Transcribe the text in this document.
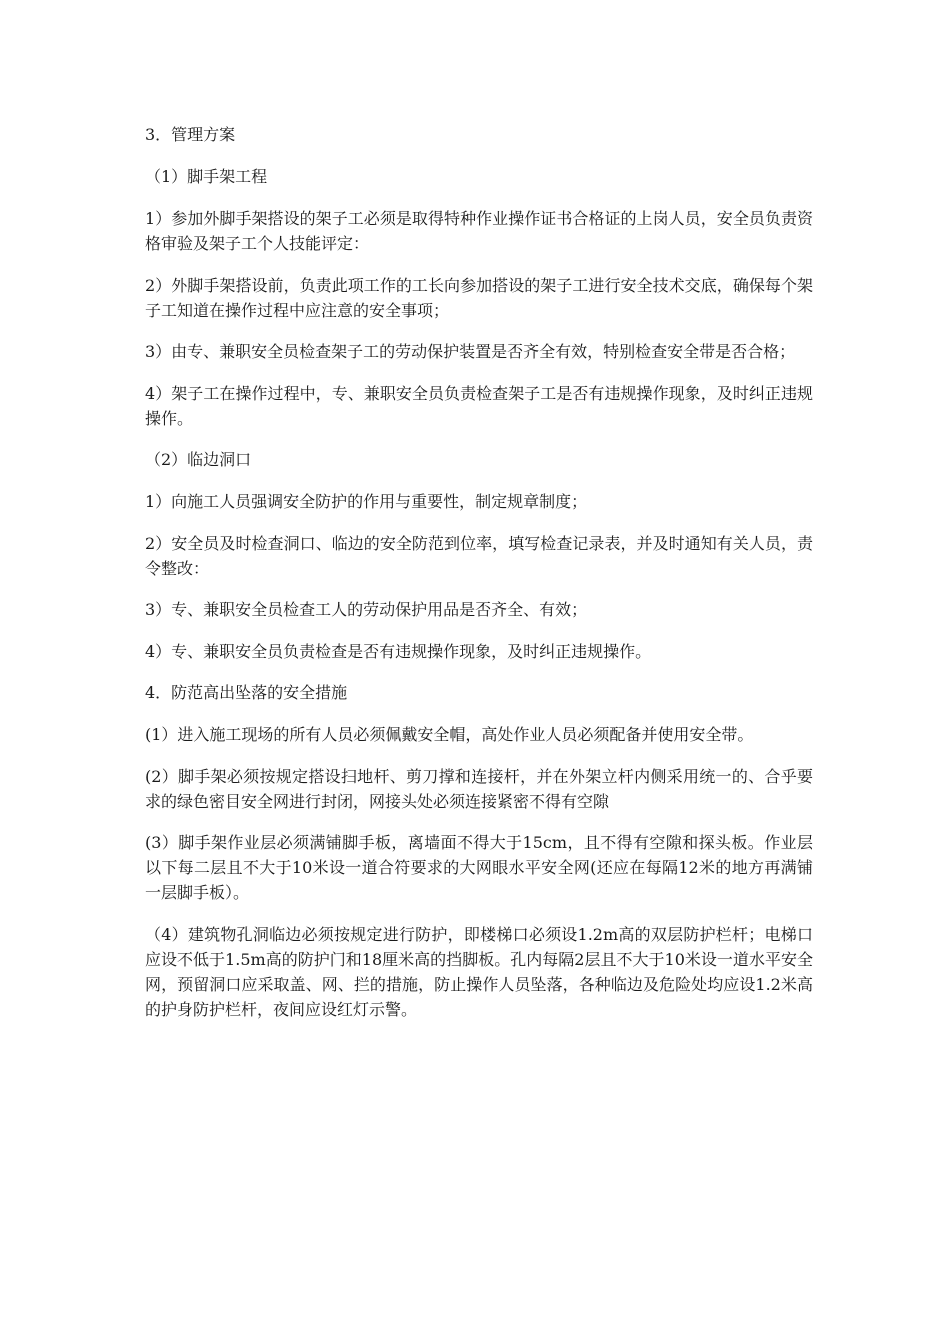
3．管理方案

（1）脚手架工程

1）参加外脚手架搭设的架子工必须是取得特种作业操作证书合格证的上岗人员，安全员负责资格审验及架子工个人技能评定：

2）外脚手架搭设前，负责此项工作的工长向参加搭设的架子工进行安全技术交底，确保每个架子工知道在操作过程中应注意的安全事项；

3）由专、兼职安全员检查架子工的劳动保护装置是否齐全有效，特别检查安全带是否合格；

4）架子工在操作过程中，专、兼职安全员负责检查架子工是否有违规操作现象，及时纠正违规操作。

（2）临边洞口

1）向施工人员强调安全防护的作用与重要性，制定规章制度；

2）安全员及时检查洞口、临边的安全防范到位率，填写检查记录表，并及时通知有关人员，责令整改：

3）专、兼职安全员检查工人的劳动保护用品是否齐全、有效；

4）专、兼职安全员负责检查是否有违规操作现象，及时纠正违规操作。

4．防范高出坠落的安全措施

(1）进入施工现场的所有人员必须佩戴安全帽，高处作业人员必须配备并使用安全带。

(2）脚手架必须按规定搭设扫地杆、剪刀撑和连接杆，并在外架立杆内侧采用统一的、合乎要求的绿色密目安全网进行封闭，网接头处必须连接紧密不得有空隙

(3）脚手架作业层必须满铺脚手板，离墙面不得大于15cm，且不得有空隙和探头板。作业层以下每二层且不大于10米设一道合符要求的大网眼水平安全网(还应在每隔12米的地方再满铺一层脚手板）。

（4）建筑物孔洞临边必须按规定进行防护，即楼梯口必须设1.2m高的双层防护栏杆；电梯口应设不低于1.5m高的防护门和18厘米高的挡脚板。孔内每隔2层且不大于10米设一道水平安全网，预留洞口应采取盖、网、拦的措施，防止操作人员坠落，各种临边及危险处均应设1.2米高的护身防护栏杆，夜间应设红灯示警。
